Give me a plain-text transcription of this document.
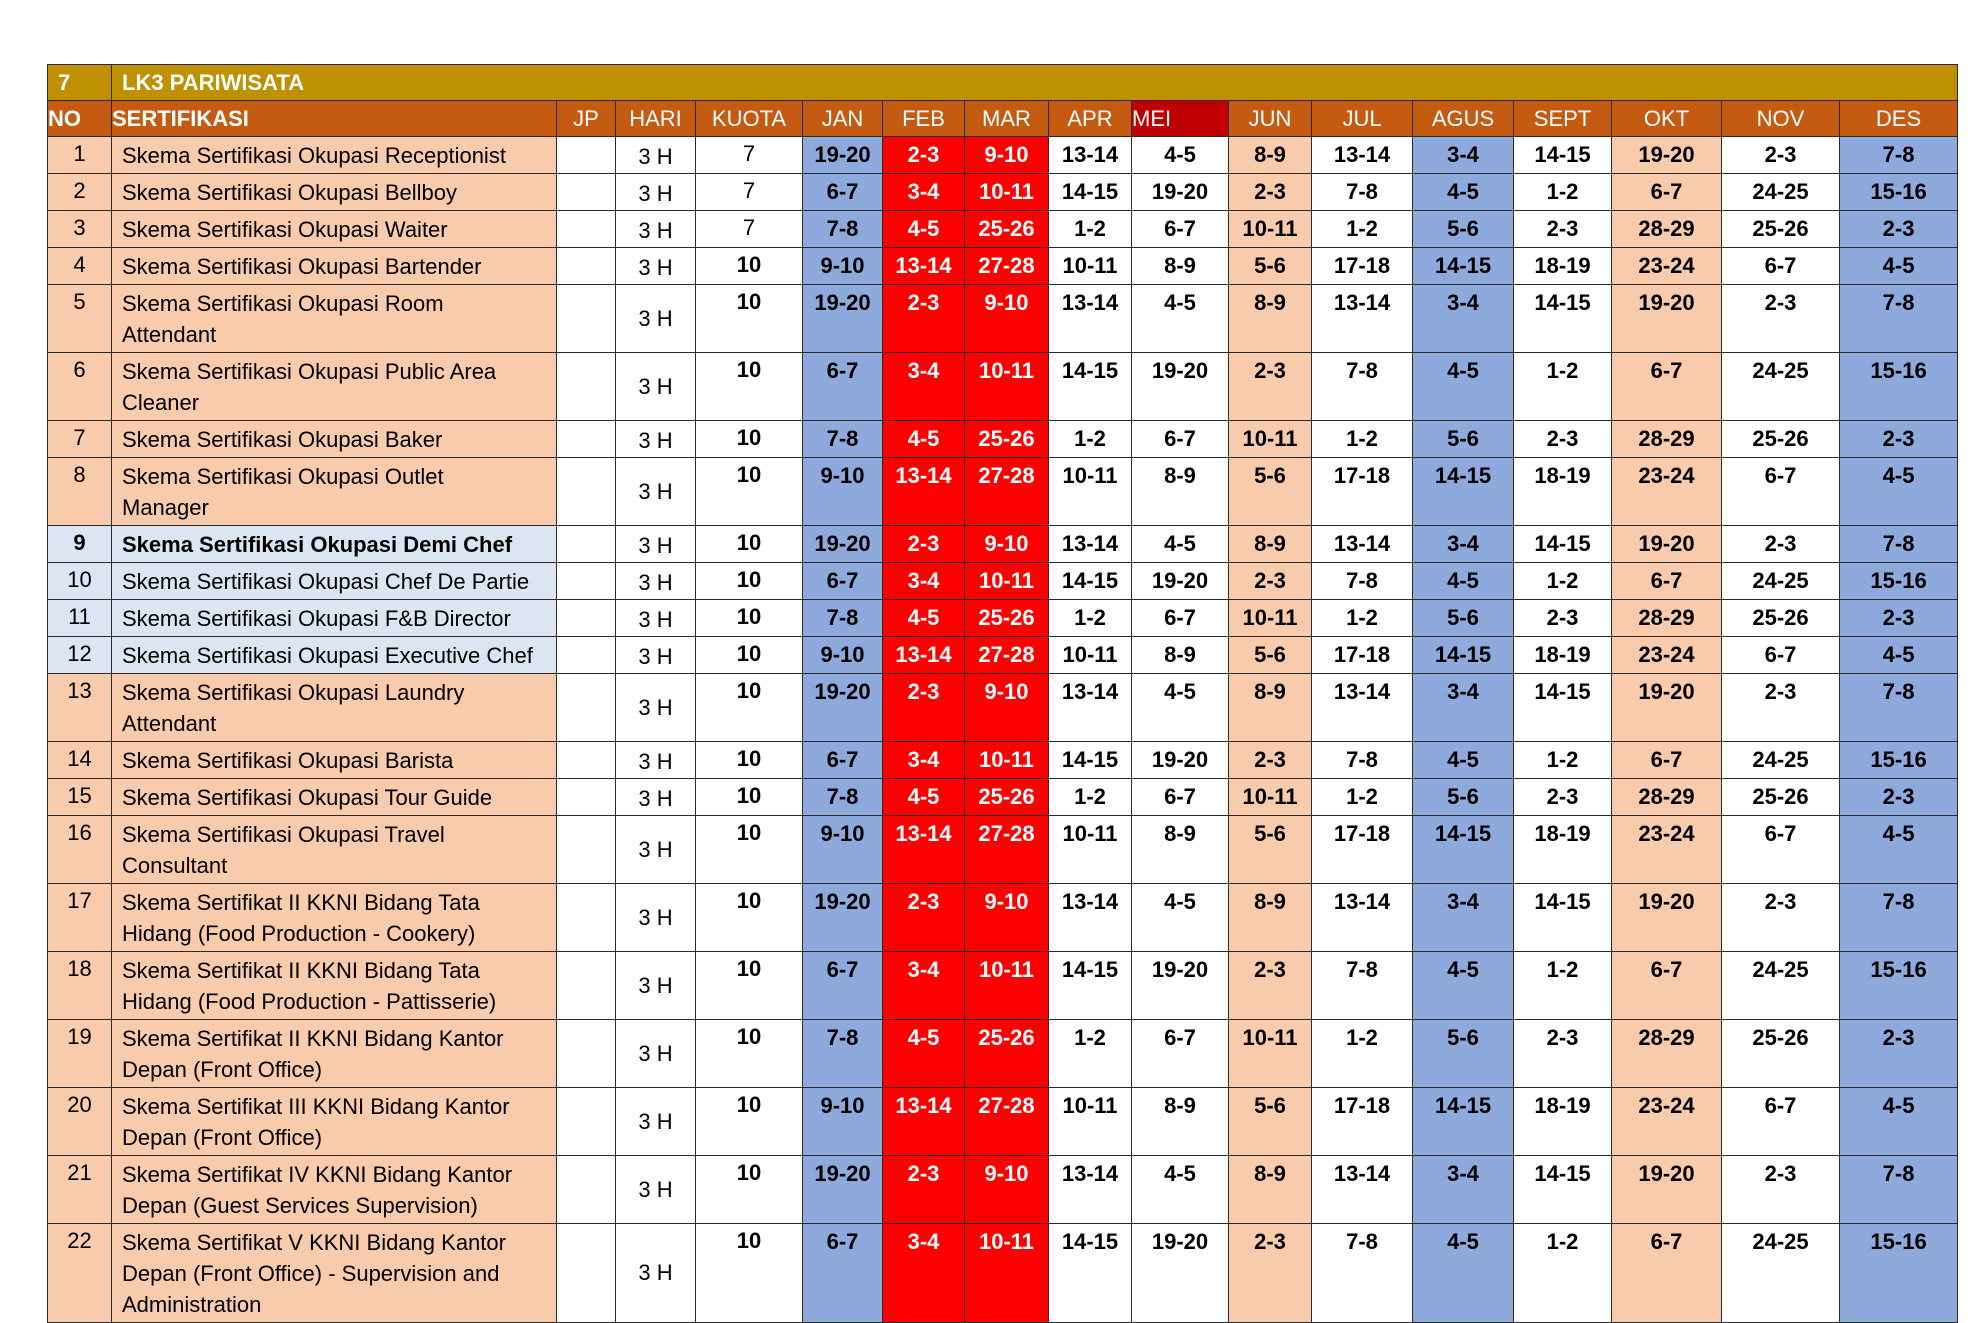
7	LK3 PARIWISATA															
NO	SERTIFIKASI	JP	HARI	KUOTA	JAN	FEB	MAR	APR	MEI	JUN	JUL	AGUS	SEPT	OKT	NOV	DES
1	Skema Sertifikasi Okupasi Receptionist		3 H	7	19-20	2-3	9-10	13-14	4-5	8-9	13-14	3-4	14-15	19-20	2-3	7-8
2	Skema Sertifikasi Okupasi Bellboy		3 H	7	6-7	3-4	10-11	14-15	19-20	2-3	7-8	4-5	1-2	6-7	24-25	15-16
3	Skema Sertifikasi Okupasi Waiter		3 H	7	7-8	4-5	25-26	1-2	6-7	10-11	1-2	5-6	2-3	28-29	25-26	2-3
4	Skema Sertifikasi Okupasi Bartender		3 H	10	9-10	13-14	27-28	10-11	8-9	5-6	17-18	14-15	18-19	23-24	6-7	4-5
5	Skema Sertifikasi Okupasi Room
Attendant		3 H	10	19-20	2-3	9-10	13-14	4-5	8-9	13-14	3-4	14-15	19-20	2-3	7-8
6	Skema Sertifikasi Okupasi Public Area
Cleaner		3 H	10	6-7	3-4	10-11	14-15	19-20	2-3	7-8	4-5	1-2	6-7	24-25	15-16
7	Skema Sertifikasi Okupasi Baker		3 H	10	7-8	4-5	25-26	1-2	6-7	10-11	1-2	5-6	2-3	28-29	25-26	2-3
8	Skema Sertifikasi Okupasi Outlet
Manager		3 H	10	9-10	13-14	27-28	10-11	8-9	5-6	17-18	14-15	18-19	23-24	6-7	4-5
9	Skema Sertifikasi Okupasi Demi Chef		3 H	10	19-20	2-3	9-10	13-14	4-5	8-9	13-14	3-4	14-15	19-20	2-3	7-8
10	Skema Sertifikasi Okupasi Chef De Partie		3 H	10	6-7	3-4	10-11	14-15	19-20	2-3	7-8	4-5	1-2	6-7	24-25	15-16
11	Skema Sertifikasi Okupasi F&B Director		3 H	10	7-8	4-5	25-26	1-2	6-7	10-11	1-2	5-6	2-3	28-29	25-26	2-3
12	Skema Sertifikasi Okupasi Executive Chef		3 H	10	9-10	13-14	27-28	10-11	8-9	5-6	17-18	14-15	18-19	23-24	6-7	4-5
13	Skema Sertifikasi Okupasi Laundry
Attendant		3 H	10	19-20	2-3	9-10	13-14	4-5	8-9	13-14	3-4	14-15	19-20	2-3	7-8
14	Skema Sertifikasi Okupasi Barista		3 H	10	6-7	3-4	10-11	14-15	19-20	2-3	7-8	4-5	1-2	6-7	24-25	15-16
15	Skema Sertifikasi Okupasi Tour Guide		3 H	10	7-8	4-5	25-26	1-2	6-7	10-11	1-2	5-6	2-3	28-29	25-26	2-3
16	Skema Sertifikasi Okupasi Travel
Consultant		3 H	10	9-10	13-14	27-28	10-11	8-9	5-6	17-18	14-15	18-19	23-24	6-7	4-5
17	Skema Sertifikat II KKNI Bidang Tata
Hidang (Food Production - Cookery)		3 H	10	19-20	2-3	9-10	13-14	4-5	8-9	13-14	3-4	14-15	19-20	2-3	7-8
18	Skema Sertifikat II KKNI Bidang Tata
Hidang (Food Production - Pattisserie)		3 H	10	6-7	3-4	10-11	14-15	19-20	2-3	7-8	4-5	1-2	6-7	24-25	15-16
19	Skema Sertifikat II KKNI Bidang Kantor
Depan (Front Office)		3 H	10	7-8	4-5	25-26	1-2	6-7	10-11	1-2	5-6	2-3	28-29	25-26	2-3
20	Skema Sertifikat III KKNI Bidang Kantor
Depan (Front Office)		3 H	10	9-10	13-14	27-28	10-11	8-9	5-6	17-18	14-15	18-19	23-24	6-7	4-5
21	Skema Sertifikat IV KKNI Bidang Kantor
Depan (Guest Services Supervision)		3 H	10	19-20	2-3	9-10	13-14	4-5	8-9	13-14	3-4	14-15	19-20	2-3	7-8
22	Skema Sertifikat V KKNI Bidang Kantor
Depan (Front Office) - Supervision and
Administration		3 H	10	6-7	3-4	10-11	14-15	19-20	2-3	7-8	4-5	1-2	6-7	24-25	15-16
